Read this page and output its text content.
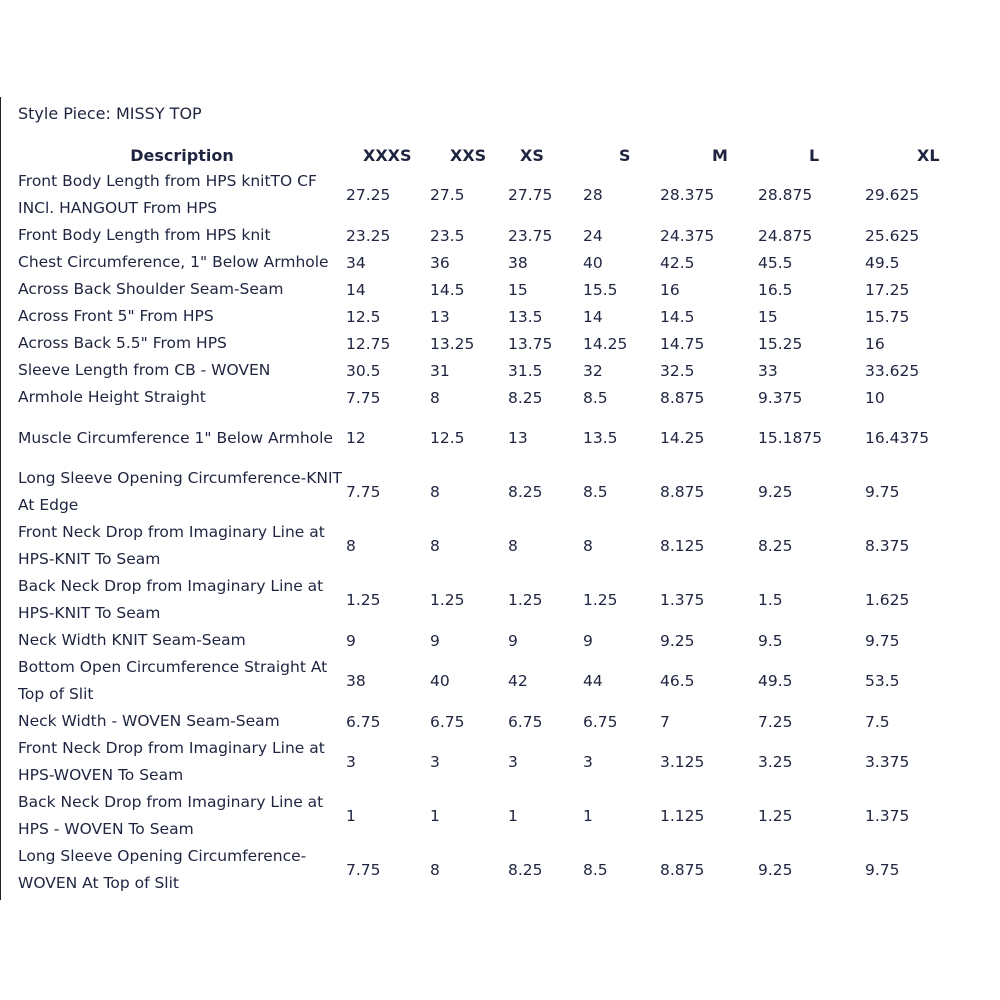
Style Piece: MISSY TOP
Description	XXXS	XXS	XS	S	M	L	XL
Front Body Length from HPS knitTO CF INCl. HANGOUT From HPS	27.25	27.5	27.75	28	28.375	28.875	29.625
Front Body Length from HPS knit	23.25	23.5	23.75	24	24.375	24.875	25.625
Chest Circumference, 1" Below Armhole	34	36	38	40	42.5	45.5	49.5
Across Back Shoulder Seam-Seam	14	14.5	15	15.5	16	16.5	17.25
Across Front 5" From HPS	12.5	13	13.5	14	14.5	15	15.75
Across Back 5.5" From HPS	12.75	13.25	13.75	14.25	14.75	15.25	16
Sleeve Length from CB - WOVEN	30.5	31	31.5	32	32.5	33	33.625
Armhole Height Straight	7.75	8	8.25	8.5	8.875	9.375	10
Muscle Circumference 1" Below Armhole	12	12.5	13	13.5	14.25	15.1875	16.4375
Long Sleeve Opening Circumference-KNIT At Edge	7.75	8	8.25	8.5	8.875	9.25	9.75
Front Neck Drop from Imaginary Line at HPS-KNIT To Seam	8	8	8	8	8.125	8.25	8.375
Back Neck Drop from Imaginary Line at HPS-KNIT To Seam	1.25	1.25	1.25	1.25	1.375	1.5	1.625
Neck Width KNIT Seam-Seam	9	9	9	9	9.25	9.5	9.75
Bottom Open Circumference Straight At Top of Slit	38	40	42	44	46.5	49.5	53.5
Neck Width - WOVEN Seam-Seam	6.75	6.75	6.75	6.75	7	7.25	7.5
Front Neck Drop from Imaginary Line at HPS-WOVEN To Seam	3	3	3	3	3.125	3.25	3.375
Back Neck Drop from Imaginary Line at HPS - WOVEN To Seam	1	1	1	1	1.125	1.25	1.375
Long Sleeve Opening Circumference-WOVEN At Top of Slit	7.75	8	8.25	8.5	8.875	9.25	9.75
